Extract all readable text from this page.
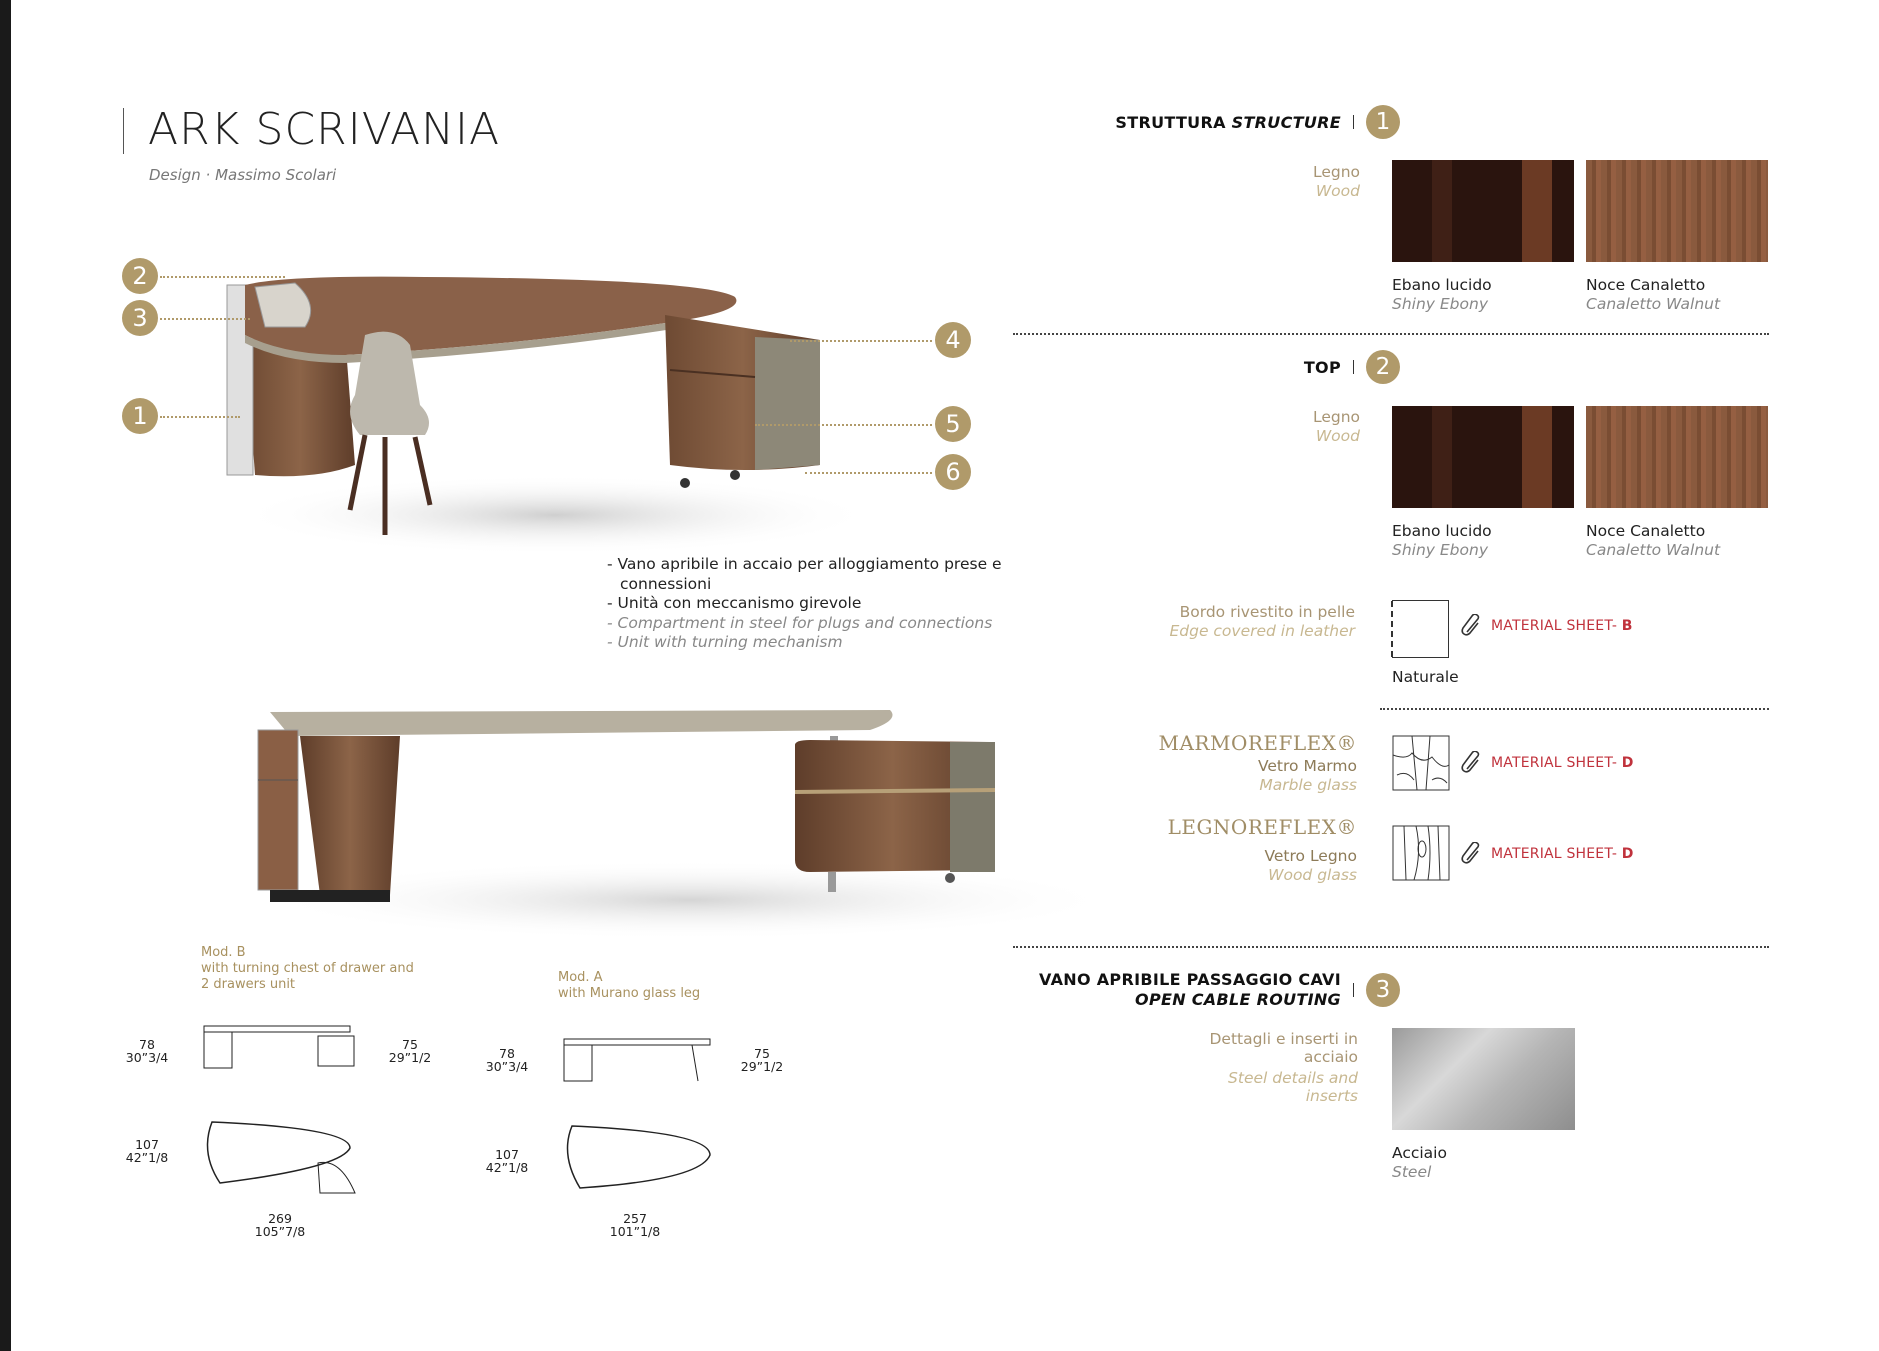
ARK SCRIVANIA
Design · Massimo Scolari
2
3
1
4
5
6
- Vano apribile in accaio per alloggiamento prese e
connessioni
- Unità con meccanismo girevole
- Compartment in steel for plugs and connections
- Unit with turning mechanism
Mod. B
with turning chest of drawer and 2 drawers unit
78
30”3/4
75
29”1/2
107
42”1/8
269
105”7/8
Mod. A
with Murano glass leg
78
30”3/4
75
29”1/2
107
42”1/8
257
101”1/8
STRUTTURA STRUCTURE	1
Legno
Wood
Ebano lucido
Shiny Ebony
Noce Canaletto
Canaletto Walnut
TOP	2
Legno
Wood
Ebano lucido
Shiny Ebony
Noce Canaletto
Canaletto Walnut
Bordo rivestito in pelle
Edge covered in leather
Naturale
MATERIAL SHEET- B
MARMOREFLEX®
Vetro Marmo
Marble glass
MATERIAL SHEET- D
LEGNOREFLEX®
Vetro Legno
Wood glass
MATERIAL SHEET- D
VANO APRIBILE PASSAGGIO CAVI
OPEN CABLE ROUTING	3
Dettagli e inserti in
acciaio
Steel details and
inserts
Acciaio
Steel
